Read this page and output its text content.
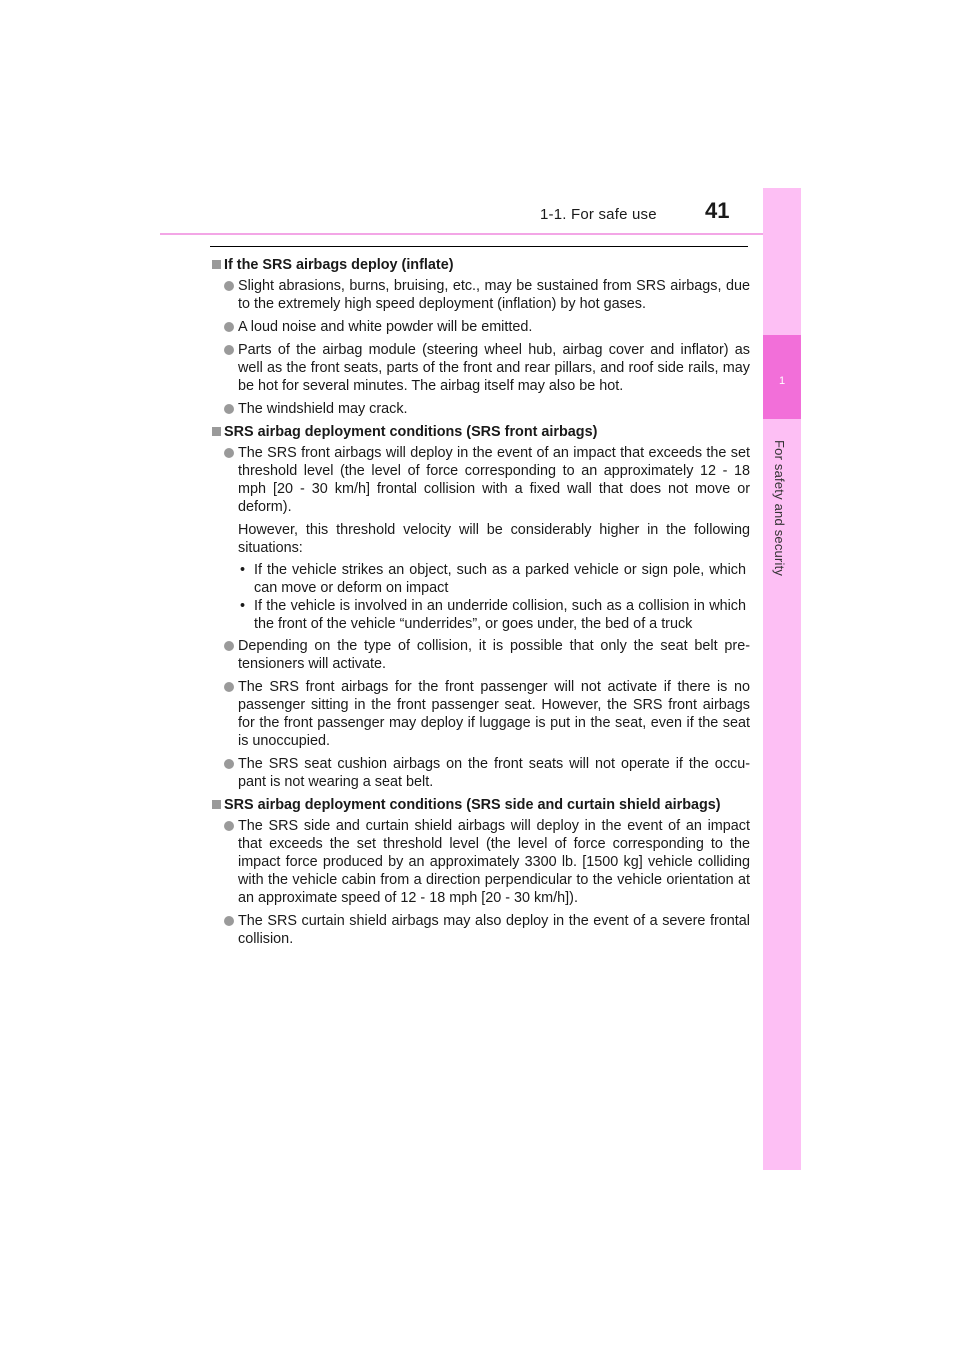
1-1. For safe use 41
1
For safety and security
If the SRS airbags deploy (inflate)
Slight abrasions, burns, bruising, etc., may be sustained from SRS airbags, due to the extremely high speed deployment (inflation) by hot gases.
A loud noise and white powder will be emitted.
Parts of the airbag module (steering wheel hub, airbag cover and inflator) as well as the front seats, parts of the front and rear pillars, and roof side rails, may be hot for several minutes. The airbag itself may also be hot.
The windshield may crack.
SRS airbag deployment conditions (SRS front airbags)
The SRS front airbags will deploy in the event of an impact that exceeds the set threshold level (the level of force corresponding to an approximately 12 - 18 mph [20 - 30 km/h] frontal collision with a fixed wall that does not move or deform).
However, this threshold velocity will be considerably higher in the following situations:
• If the vehicle strikes an object, such as a parked vehicle or sign pole, which can move or deform on impact
• If the vehicle is involved in an underride collision, such as a collision in which the front of the vehicle “underrides”, or goes under, the bed of a truck
Depending on the type of collision, it is possible that only the seat belt pre-tensioners will activate.
The SRS front airbags for the front passenger will not activate if there is no passenger sitting in the front passenger seat. However, the SRS front airbags for the front passenger may deploy if luggage is put in the seat, even if the seat is unoccupied.
The SRS seat cushion airbags on the front seats will not operate if the occu-pant is not wearing a seat belt.
SRS airbag deployment conditions (SRS side and curtain shield airbags)
The SRS side and curtain shield airbags will deploy in the event of an impact that exceeds the set threshold level (the level of force corresponding to the impact force produced by an approximately 3300 lb. [1500 kg] vehicle colliding with the vehicle cabin from a direction perpendicular to the vehicle orientation at an approximate speed of 12 - 18 mph [20 - 30 km/h]).
The SRS curtain shield airbags may also deploy in the event of a severe frontal collision.
